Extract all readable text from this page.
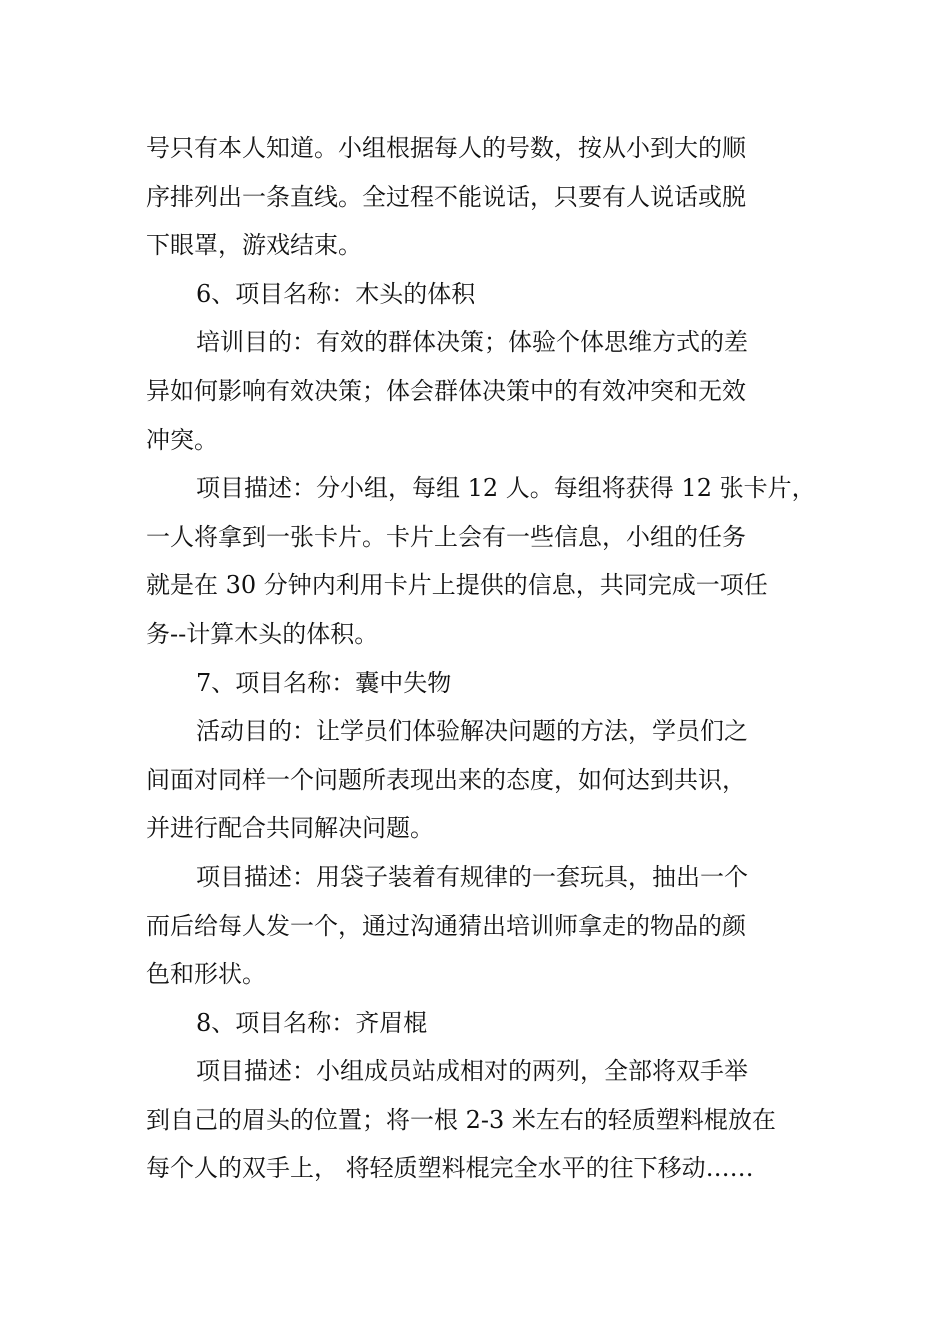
号只有本人知道。小组根据每人的号数，按从小到大的顺
序排列出一条直线。全过程不能说话，只要有人说话或脱
下眼罩，游戏结束。
6、项目名称：木头的体积
培训目的：有效的群体决策；体验个体思维方式的差
异如何影响有效决策；体会群体决策中的有效冲突和无效
冲突。
项目描述：分小组，每组 12 人。每组将获得 12 张卡片，
一人将拿到一张卡片。卡片上会有一些信息，小组的任务
就是在 30 分钟内利用卡片上提供的信息，共同完成一项任
务--计算木头的体积。
7、项目名称：囊中失物
活动目的：让学员们体验解决问题的方法，学员们之
间面对同样一个问题所表现出来的态度，如何达到共识，
并进行配合共同解决问题。
项目描述：用袋子装着有规律的一套玩具，抽出一个
而后给每人发一个，通过沟通猜出培训师拿走的物品的颜
色和形状。
8、项目名称：齐眉棍
项目描述：小组成员站成相对的两列，全部将双手举
到自己的眉头的位置；将一根 2-3 米左右的轻质塑料棍放在
每个人的双手上， 将轻质塑料棍完全水平的往下移动……
